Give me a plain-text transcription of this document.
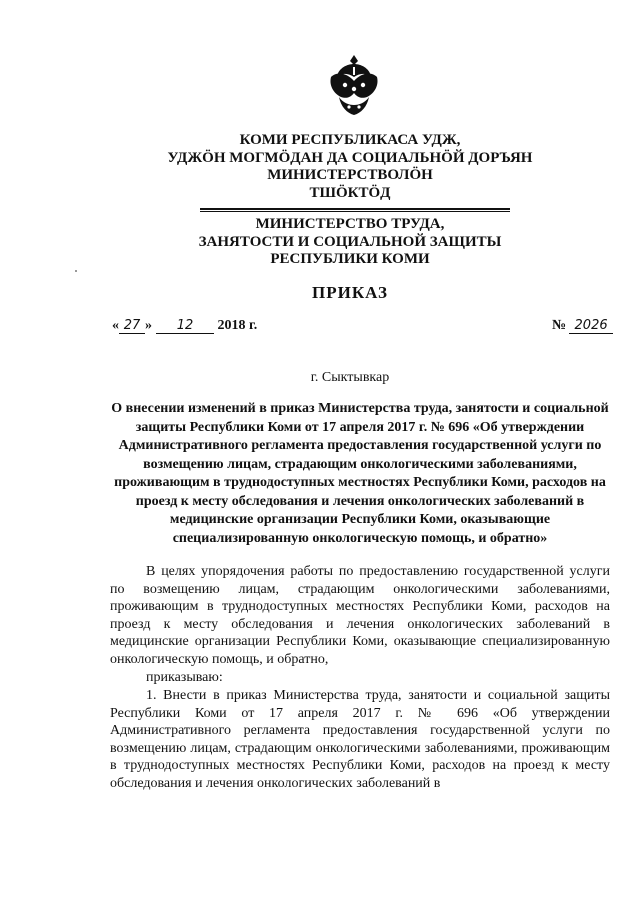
КОМИ РЕСПУБЛИКАСА УДЖ,
УДЖÖН МОГМÖДАН ДА СОЦИАЛЬНÖЙ ДОРЪЯН
МИНИСТЕРСТВОЛÖН
ТШÖКТÖД
МИНИСТЕРСТВО ТРУДА,
ЗАНЯТОСТИ И СОЦИАЛЬНОЙ ЗАЩИТЫ
РЕСПУБЛИКИ КОМИ
ПРИКАЗ
« 27 » 12 2018 г.	№ 2026
г. Сыктывкар
О внесении изменений в приказ Министерства труда, занятости и социальной защиты Республики Коми от 17 апреля 2017 г. № 696 «Об утверждении Административного регламента предоставления государственной услуги по возмещению лицам, страдающим онкологическими заболеваниями, проживающим в труднодоступных местностях Республики Коми, расходов на проезд к месту обследования и лечения онкологических заболеваний в медицинские организации Республики Коми, оказывающие специализированную онкологическую помощь, и обратно»
В целях упорядочения работы по предоставлению государственной услуги по возмещению лицам, страдающим онкологическими заболеваниями, проживающим в труднодоступных местностях Республики Коми, расходов на проезд к месту обследования и лечения онкологических заболеваний в медицинские организации Республики Коми, оказывающие специализированную онкологическую помощь, и обратно,
приказываю:
1. Внести в приказ Министерства труда, занятости и социальной защиты Республики Коми от 17 апреля 2017 г. № 696 «Об утверждении Административного регламента предоставления государственной услуги по возмещению лицам, страдающим онкологическими заболеваниями, проживающим в труднодоступных местностях Республики Коми, расходов на проезд к месту обследования и лечения онкологических заболеваний в
